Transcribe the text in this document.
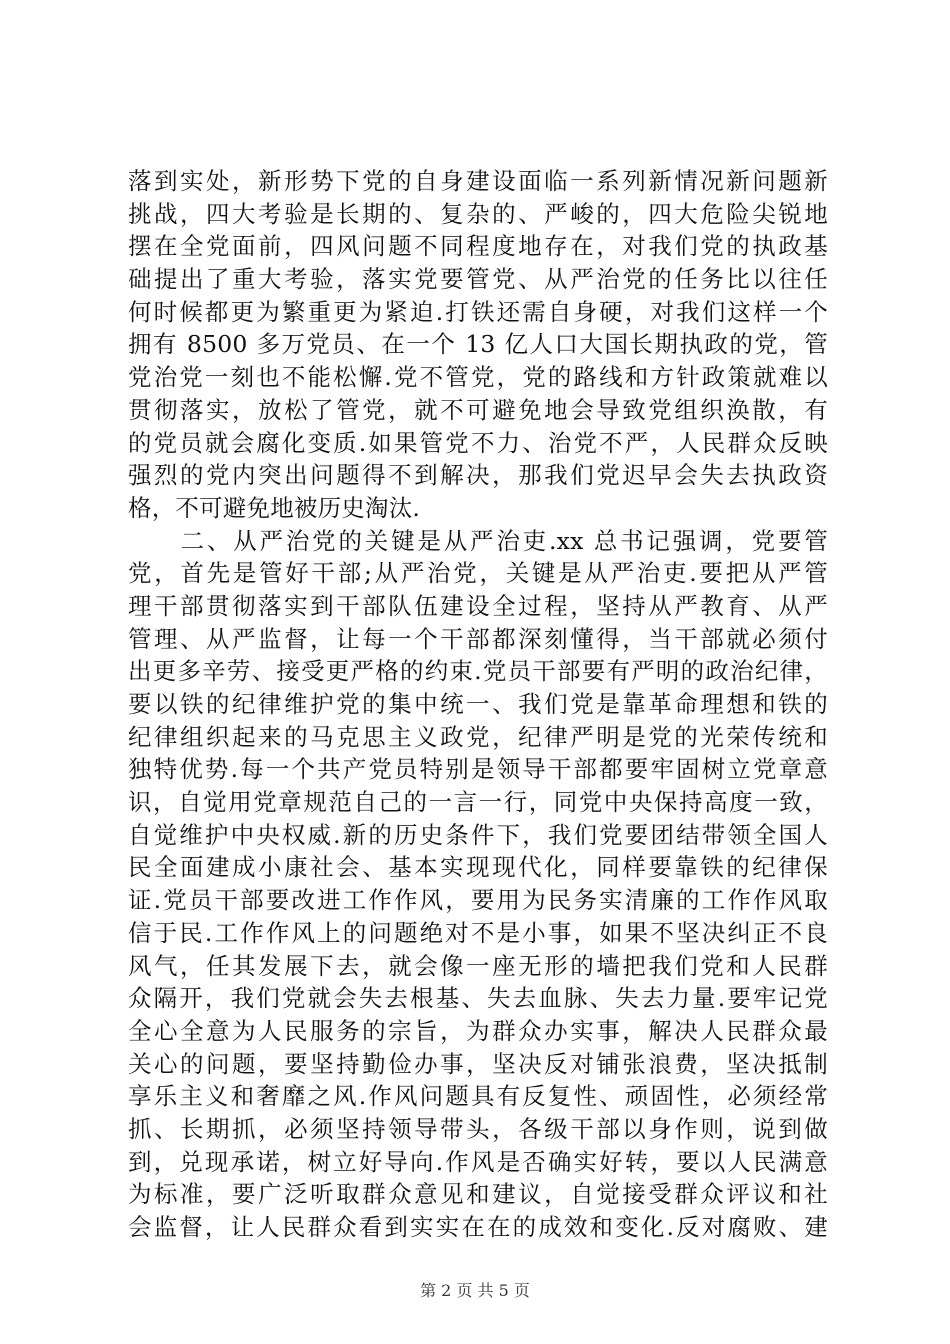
落到实处，新形势下党的自身建设面临一系列新情况新问题新
挑战，四大考验是长期的、复杂的、严峻的，四大危险尖锐地
摆在全党面前，四风问题不同程度地存在，对我们党的执政基
础提出了重大考验，落实党要管党、从严治党的任务比以往任
何时候都更为繁重更为紧迫.打铁还需自身硬，对我们这样一个
拥有 8500 多万党员、在一个 13 亿人口大国长期执政的党，管
党治党一刻也不能松懈.党不管党，党的路线和方针政策就难以
贯彻落实，放松了管党，就不可避免地会导致党组织涣散，有
的党员就会腐化变质.如果管党不力、治党不严，人民群众反映
强烈的党内突出问题得不到解决，那我们党迟早会失去执政资
格，不可避免地被历史淘汰.
　　二、从严治党的关键是从严治吏.xx 总书记强调，党要管
党，首先是管好干部;从严治党，关键是从严治吏.要把从严管
理干部贯彻落实到干部队伍建设全过程，坚持从严教育、从严
管理、从严监督，让每一个干部都深刻懂得，当干部就必须付
出更多辛劳、接受更严格的约束.党员干部要有严明的政治纪律，
要以铁的纪律维护党的集中统一、我们党是靠革命理想和铁的
纪律组织起来的马克思主义政党，纪律严明是党的光荣传统和
独特优势.每一个共产党员特别是领导干部都要牢固树立党章意
识，自觉用党章规范自己的一言一行，同党中央保持高度一致，
自觉维护中央权威.新的历史条件下，我们党要团结带领全国人
民全面建成小康社会、基本实现现代化，同样要靠铁的纪律保
证.党员干部要改进工作作风，要用为民务实清廉的工作作风取
信于民.工作作风上的问题绝对不是小事，如果不坚决纠正不良
风气，任其发展下去，就会像一座无形的墙把我们党和人民群
众隔开，我们党就会失去根基、失去血脉、失去力量.要牢记党
全心全意为人民服务的宗旨，为群众办实事，解决人民群众最
关心的问题，要坚持勤俭办事，坚决反对铺张浪费，坚决抵制
享乐主义和奢靡之风.作风问题具有反复性、顽固性，必须经常
抓、长期抓，必须坚持领导带头，各级干部以身作则，说到做
到，兑现承诺，树立好导向.作风是否确实好转，要以人民满意
为标准，要广泛听取群众意见和建议，自觉接受群众评议和社
会监督，让人民群众看到实实在在的成效和变化.反对腐败、建
第 2 页 共 5 页
